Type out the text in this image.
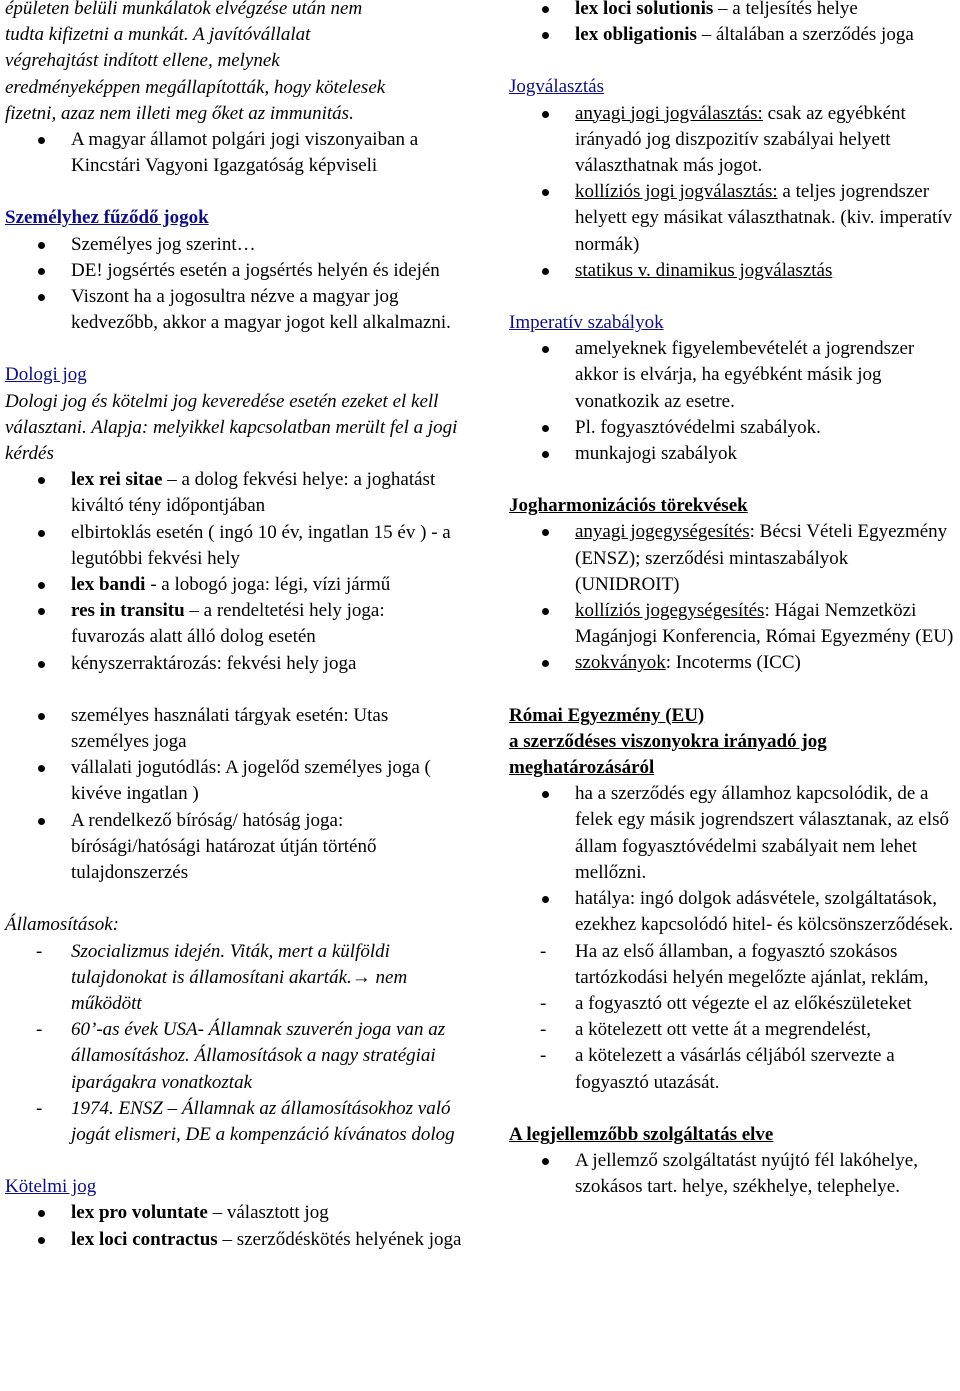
épületen belüli munkálatok elvégzése után nem

tudta kifizetni a munkát. A javítóvállalat

végrehajtást indított ellene, melynek

eredményeképpen megállapították, hogy kötelesek

fizetni, azaz nem illeti meg őket az immunitás.

A magyar államot polgári jogi viszonyaiban a Kincstári Vagyoni Igazgatóság képviseli

Személyhez fűződő jogok

Személyes jog szerint…
DE! jogsértés esetén a jogsértés helyén és idején
Viszont ha a jogosultra nézve a magyar jog kedvezőbb, akkor a magyar jogot kell alkalmazni.

Dologi jog

Dologi jog és kötelmi jog keveredése esetén ezeket el kell választani. Alapja: melyikkel kapcsolatban merült fel a jogi kérdés

lex rei sitae – a dolog fekvési helye: a joghatást kiváltó tény időpontjában
elbirtoklás esetén ( ingó 10 év, ingatlan 15 év ) - a legutóbbi fekvési hely
lex bandi - a lobogó joga: légi, vízi jármű
res in transitu – a rendeltetési hely joga: fuvarozás alatt álló dolog esetén
kényszerraktározás: fekvési hely joga
személyes használati tárgyak esetén: Utas személyes joga
vállalati jogutódlás: A jogelőd személyes joga ( kivéve ingatlan )
A rendelkező bíróság/ hatóság joga: bírósági/hatósági határozat útján történő tulajdonszerzés

Államosítások:

- Szocializmus idején. Viták, mert a külföldi tulajdonokat is államosítani akarták.→ nem működött
- 60’-as évek USA- Államnak szuverén joga van az államosításhoz. Államosítások a nagy stratégiai iparágakra vonatkoztak
- 1974. ENSZ – Államnak az államosításokhoz való jogát elismeri, DE a kompenzáció kívánatos dolog

Kötelmi jog

lex pro voluntate – választott jog
lex loci contractus – szerződéskötés helyének joga
lex loci solutionis – a teljesítés helye
lex obligationis – általában a szerződés joga

Jogválasztás

anyagi jogi jogválasztás: csak az egyébként irányadó jog diszpozitív szabályai helyett választhatnak más jogot.
kollíziós jogi jogválasztás: a teljes jogrendszer helyett egy másikat választhatnak. (kiv. imperatív normák)
statikus v. dinamikus jogválasztás

Imperatív szabályok

amelyeknek figyelembevételét a jogrendszer akkor is elvárja, ha egyébként másik jog vonatkozik az esetre.
Pl. fogyasztóvédelmi szabályok.
munkajogi szabályok

Jogharmonizációs törekvések

anyagi jogegységesítés: Bécsi Vételi Egyezmény (ENSZ); szerződési mintaszabályok (UNIDROIT)
kollíziós jogegységesítés: Hágai Nemzetközi Magánjogi Konferencia, Római Egyezmény (EU)
szokványok: Incoterms (ICC)

Római Egyezmény (EU)

a szerződéses viszonyokra irányadó jog

meghatározásáról

ha a szerződés egy államhoz kapcsolódik, de a felek egy másik jogrendszert választanak, az első állam fogyasztóvédelmi szabályait nem lehet mellőzni.
hatálya: ingó dolgok adásvétele, szolgáltatások, ezekhez kapcsolódó hitel- és kölcsönszerződések.
- Ha az első államban, a fogyasztó szokásos tartózkodási helyén megelőzte ajánlat, reklám,
- a fogyasztó ott végezte el az előkészületeket
- a kötelezett ott vette át a megrendelést,
- a kötelezett a vásárlás céljából szervezte a fogyasztó utazását.

A legjellemzőbb szolgáltatás elve

A jellemző szolgáltatást nyújtó fél lakóhelye, szokásos tart. helye, székhelye, telephelye.
